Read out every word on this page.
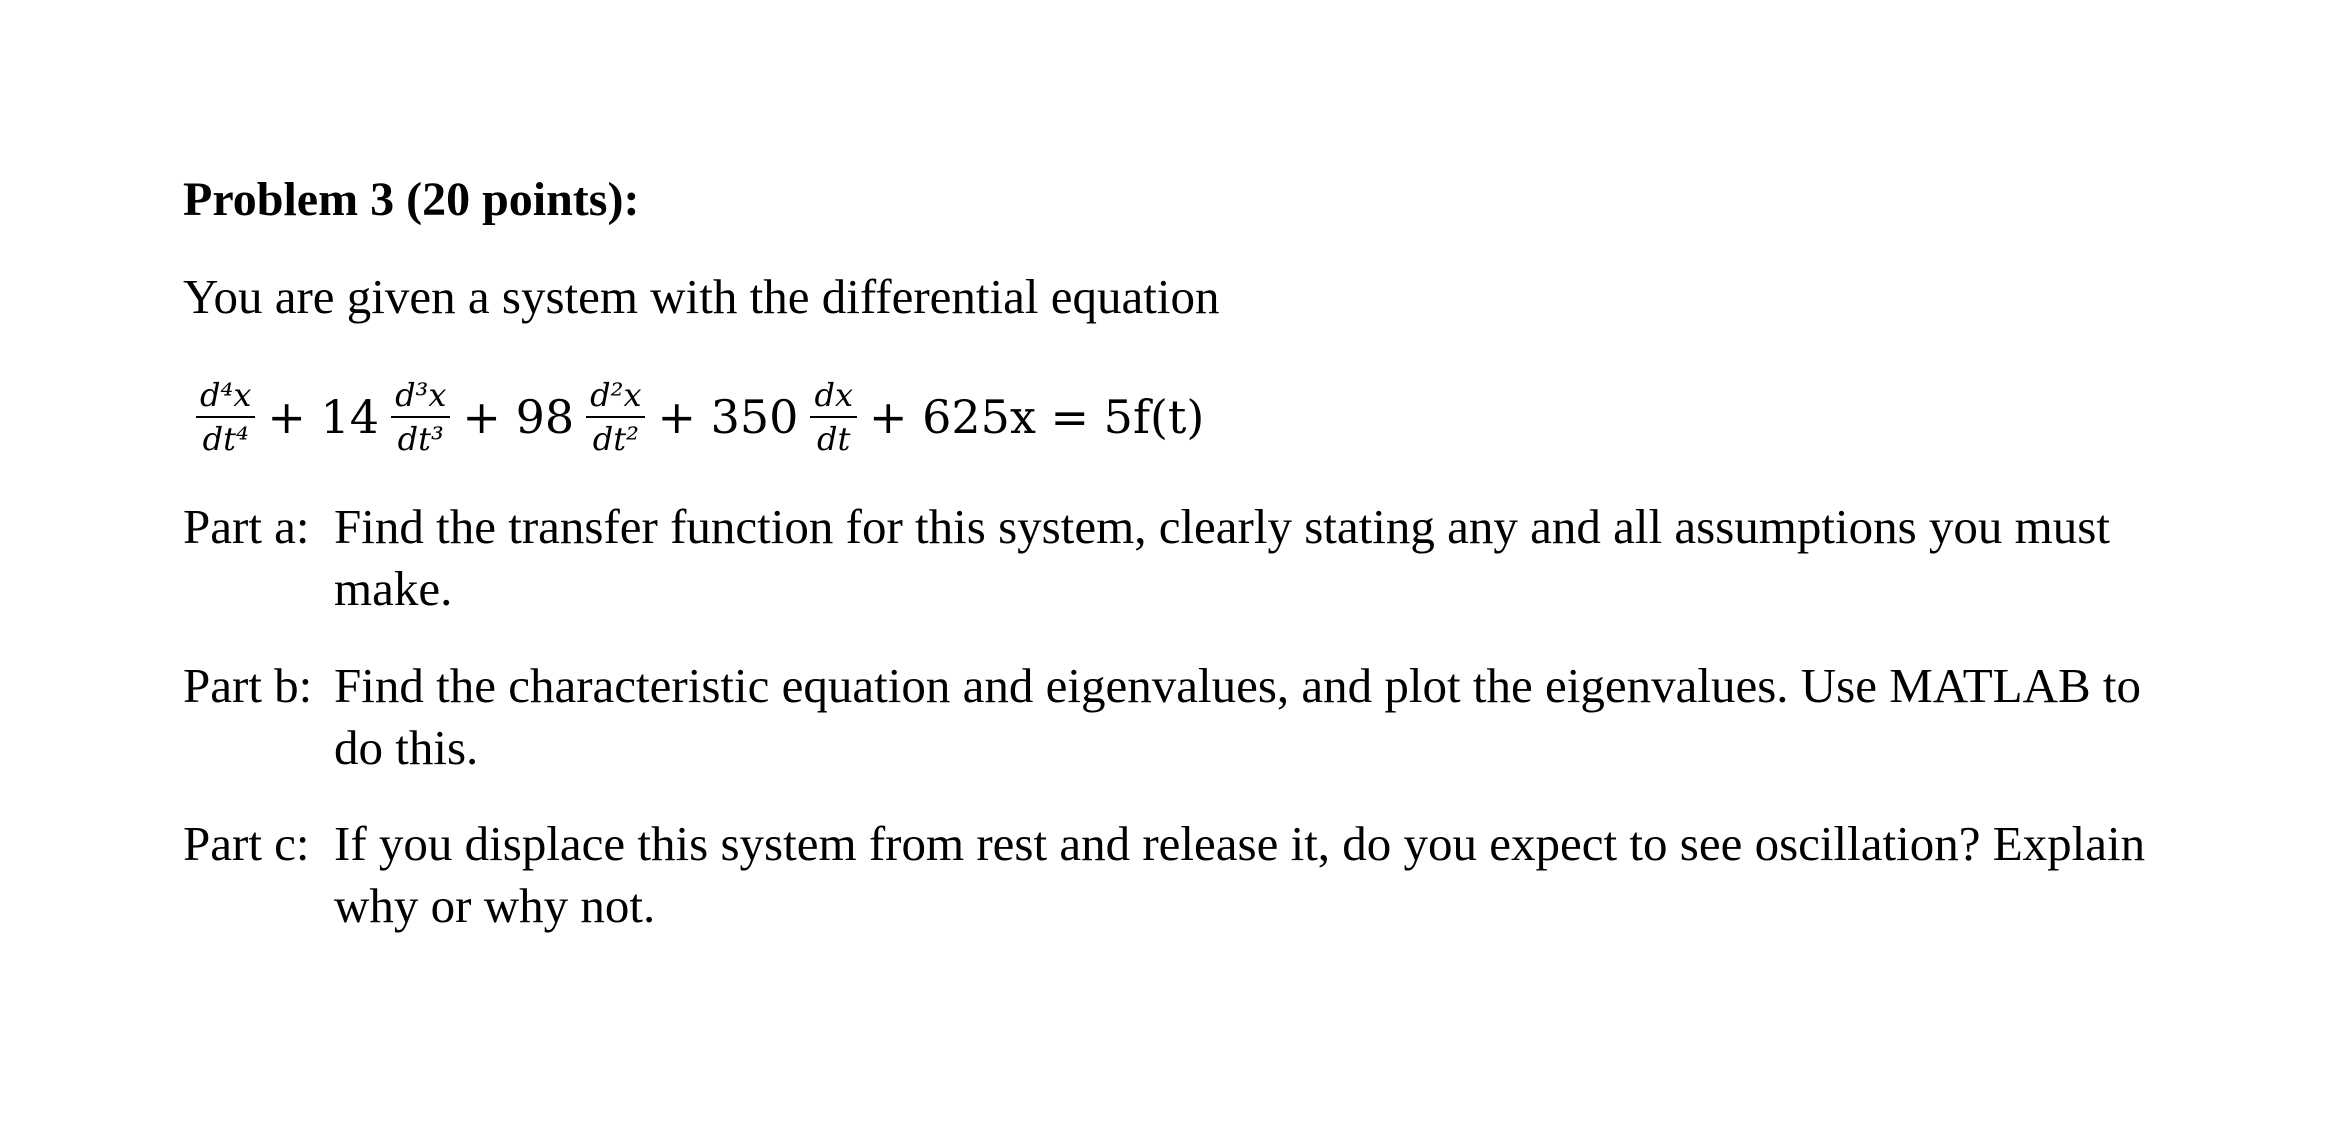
Problem 3 (20 points):
You are given a system with the differential equation
$\frac{\text{d⁴x}}{\text{dt⁴}} + 14 \frac{\text{d³x}}{\text{dt³}} + 98 \frac{\text{d²x}}{\text{dt²}} + 350 \frac{dx}{dt} + 625x = 5f(t)$
Part a: Find the transfer function for this system, clearly stating any and all assumptions you must make.
Part b: Find the characteristic equation and eigenvalues, and plot the eigenvalues. Use MATLAB to do this.
Part c: If you displace this system from rest and release it, do you expect to see oscillation? Explain why or why not.
